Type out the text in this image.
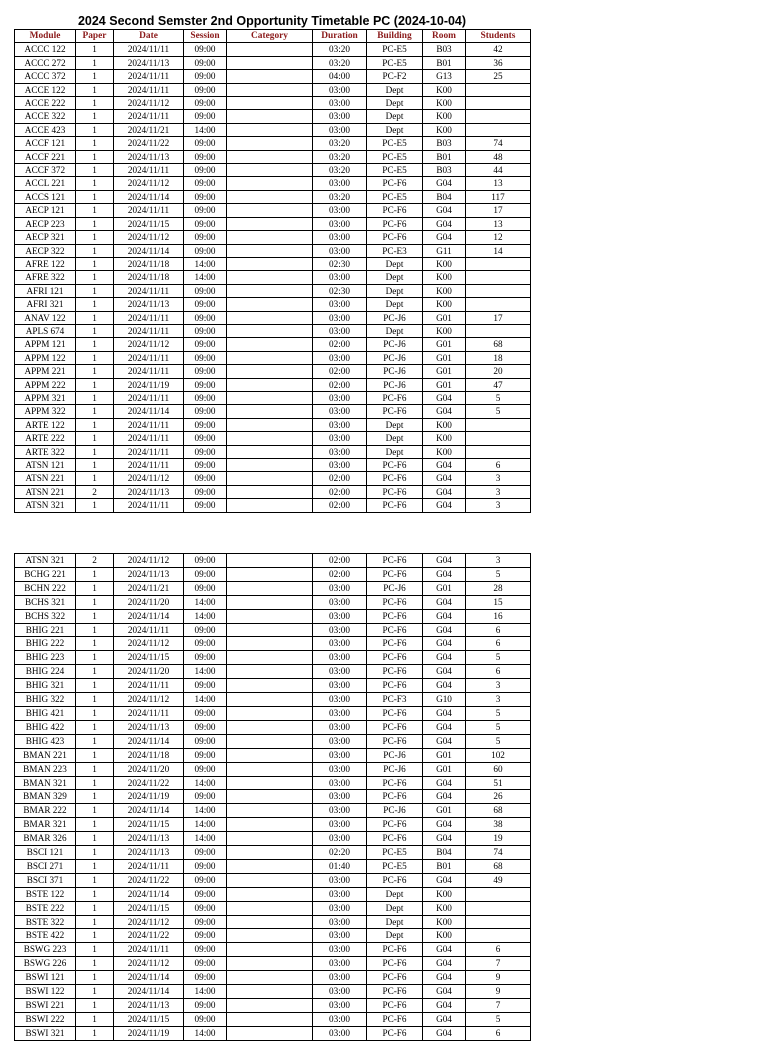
2024 Second Semster 2nd Opportunity Timetable PC (2024-10-04)
Module	Paper	Date	Session	Category	Duration	Building	Room	Students
ACCC 122	1	2024/11/11	09:00		03:20	PC-E5	B03	42
ACCC 272	1	2024/11/13	09:00		03:20	PC-E5	B01	36
ACCC 372	1	2024/11/11	09:00		04:00	PC-F2	G13	25
ACCE 122	1	2024/11/11	09:00		03:00	Dept	K00	
ACCE 222	1	2024/11/12	09:00		03:00	Dept	K00	
ACCE 322	1	2024/11/11	09:00		03:00	Dept	K00	
ACCE 423	1	2024/11/21	14:00		03:00	Dept	K00	
ACCF 121	1	2024/11/22	09:00		03:20	PC-E5	B03	74
ACCF 221	1	2024/11/13	09:00		03:20	PC-E5	B01	48
ACCF 372	1	2024/11/11	09:00		03:20	PC-E5	B03	44
ACCL 221	1	2024/11/12	09:00		03:00	PC-F6	G04	13
ACCS 121	1	2024/11/14	09:00		03:20	PC-E5	B04	117
AECP 121	1	2024/11/11	09:00		03:00	PC-F6	G04	17
AECP 223	1	2024/11/15	09:00		03:00	PC-F6	G04	13
AECP 321	1	2024/11/12	09:00		03:00	PC-F6	G04	12
AECP 322	1	2024/11/14	09:00		03:00	PC-E3	G11	14
AFRE 122	1	2024/11/18	14:00		02:30	Dept	K00	
AFRE 322	1	2024/11/18	14:00		03:00	Dept	K00	
AFRI 121	1	2024/11/11	09:00		02:30	Dept	K00	
AFRI 321	1	2024/11/13	09:00		03:00	Dept	K00	
ANAV 122	1	2024/11/11	09:00		03:00	PC-J6	G01	17
APLS 674	1	2024/11/11	09:00		03:00	Dept	K00	
APPM 121	1	2024/11/12	09:00		02:00	PC-J6	G01	68
APPM 122	1	2024/11/11	09:00		03:00	PC-J6	G01	18
APPM 221	1	2024/11/11	09:00		02:00	PC-J6	G01	20
APPM 222	1	2024/11/19	09:00		02:00	PC-J6	G01	47
APPM 321	1	2024/11/11	09:00		03:00	PC-F6	G04	5
APPM 322	1	2024/11/14	09:00		03:00	PC-F6	G04	5
ARTE 122	1	2024/11/11	09:00		03:00	Dept	K00	
ARTE 222	1	2024/11/11	09:00		03:00	Dept	K00	
ARTE 322	1	2024/11/11	09:00		03:00	Dept	K00	
ATSN 121	1	2024/11/11	09:00		03:00	PC-F6	G04	6
ATSN 221	1	2024/11/12	09:00		02:00	PC-F6	G04	3
ATSN 221	2	2024/11/13	09:00		02:00	PC-F6	G04	3
ATSN 321	1	2024/11/11	09:00		02:00	PC-F6	G04	3
ATSN 321	2	2024/11/12	09:00		02:00	PC-F6	G04	3
BCHG 221	1	2024/11/13	09:00		02:00	PC-F6	G04	5
BCHN 222	1	2024/11/21	09:00		03:00	PC-J6	G01	28
BCHS 321	1	2024/11/20	14:00		03:00	PC-F6	G04	15
BCHS 322	1	2024/11/14	14:00		03:00	PC-F6	G04	16
BHIG 221	1	2024/11/11	09:00		03:00	PC-F6	G04	6
BHIG 222	1	2024/11/12	09:00		03:00	PC-F6	G04	6
BHIG 223	1	2024/11/15	09:00		03:00	PC-F6	G04	5
BHIG 224	1	2024/11/20	14:00		03:00	PC-F6	G04	6
BHIG 321	1	2024/11/11	09:00		03:00	PC-F6	G04	3
BHIG 322	1	2024/11/12	14:00		03:00	PC-F3	G10	3
BHIG 421	1	2024/11/11	09:00		03:00	PC-F6	G04	5
BHIG 422	1	2024/11/13	09:00		03:00	PC-F6	G04	5
BHIG 423	1	2024/11/14	09:00		03:00	PC-F6	G04	5
BMAN 221	1	2024/11/18	09:00		03:00	PC-J6	G01	102
BMAN 223	1	2024/11/20	09:00		03:00	PC-J6	G01	60
BMAN 321	1	2024/11/22	14:00		03:00	PC-F6	G04	51
BMAN 329	1	2024/11/19	09:00		03:00	PC-F6	G04	26
BMAR 222	1	2024/11/14	14:00		03:00	PC-J6	G01	68
BMAR 321	1	2024/11/15	14:00		03:00	PC-F6	G04	38
BMAR 326	1	2024/11/13	14:00		03:00	PC-F6	G04	19
BSCI 121	1	2024/11/13	09:00		02:20	PC-E5	B04	74
BSCI 271	1	2024/11/11	09:00		01:40	PC-E5	B01	68
BSCI 371	1	2024/11/22	09:00		03:00	PC-F6	G04	49
BSTE 122	1	2024/11/14	09:00		03:00	Dept	K00	
BSTE 222	1	2024/11/15	09:00		03:00	Dept	K00	
BSTE 322	1	2024/11/12	09:00		03:00	Dept	K00	
BSTE 422	1	2024/11/22	09:00		03:00	Dept	K00	
BSWG 223	1	2024/11/11	09:00		03:00	PC-F6	G04	6
BSWG 226	1	2024/11/12	09:00		03:00	PC-F6	G04	7
BSWI 121	1	2024/11/14	09:00		03:00	PC-F6	G04	9
BSWI 122	1	2024/11/14	14:00		03:00	PC-F6	G04	9
BSWI 221	1	2024/11/13	09:00		03:00	PC-F6	G04	7
BSWI 222	1	2024/11/15	09:00		03:00	PC-F6	G04	5
BSWI 321	1	2024/11/19	14:00		03:00	PC-F6	G04	6
